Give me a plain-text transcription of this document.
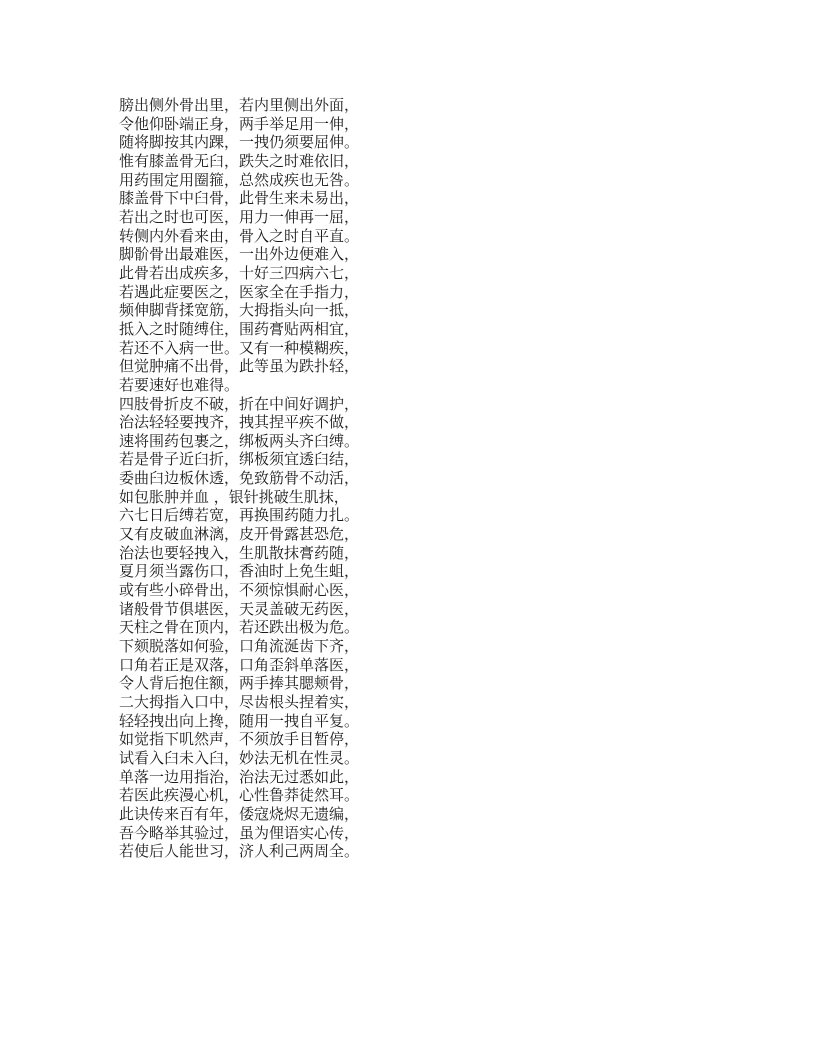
膀出侧外骨出里，若内里侧出外面，
令他仰卧端正身，两手举足用一伸，
随将脚按其内踝，一拽仍须要屈伸。
惟有膝盖骨无臼，跌失之时难依旧，
用药围定用圈箍，总然成疾也无咎。
膝盖骨下中臼骨，此骨生来未易出，
若出之时也可医，用力一伸再一屈，
转侧内外看来由，骨入之时自平直。
脚骱骨出最难医，一出外边便难入，
此骨若出成疾多，十好三四病六七，
若遇此症要医之，医家全在手指力，
频伸脚背揉宽筋，大拇指头向一抵，
抵入之时随缚住，围药膏贴两相宜，
若还不入病一世。又有一种模糊疾，
但觉肿痛不出骨，此等虽为跌扑轻，
若要速好也难得。
四肢骨折皮不破，折在中间好调护，
治法轻轻要拽齐，拽其捏平疾不做，
速将围药包裹之，绑板两头齐臼缚。
若是骨子近臼折，绑板须宜透臼结，
委曲臼边板休透，免致筋骨不动活，
如包胀肿并血 ，银针挑破生肌抹，
六七日后缚若宽，再换围药随力扎。
又有皮破血淋漓，皮开骨露甚恐危，
治法也要轻拽入，生肌散抹膏药随，
夏月须当露伤口，香油时上免生蛆，
或有些小碎骨出，不须惊惧耐心医，
诸般骨节俱堪医，天灵盖破无药医，
天柱之骨在顶内，若还跌出极为危。
下颏脱落如何验，口角流涎齿下齐，
口角若正是双落，口角歪斜单落医，
令人背后抱住额，两手捧其腮颊骨，
二大拇指入口中，尽齿根头捏着实，
轻轻拽出向上搀，随用一拽自平复。
如觉指下叽然声，不须放手目暂停，
试看入臼未入臼，妙法无机在性灵。
单落一边用指治，治法无过悉如此，
若医此疾漫心机，心性鲁莽徒然耳。
此诀传来百有年，倭寇烧烬无遗编，
吾今略举其验过，虽为俚语实心传，
若使后人能世习，济人利己两周全。
